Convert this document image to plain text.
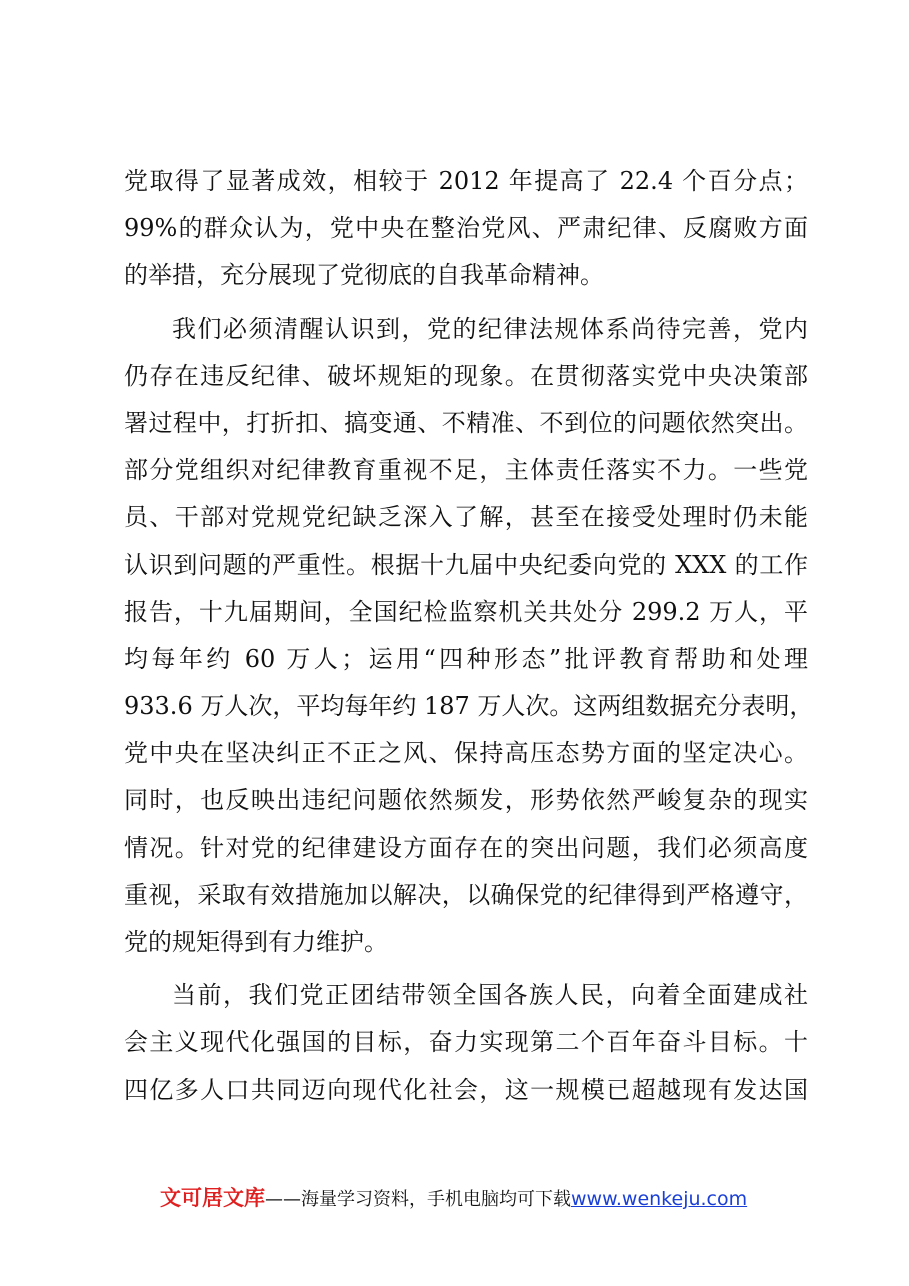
党取得了显著成效，相较于 2012 年提高了 22.4 个百分点；
99%的群众认为，党中央在整治党风、严肃纪律、反腐败方面
的举措，充分展现了党彻底的自我革命精神。
我们必须清醒认识到，党的纪律法规体系尚待完善，党内
仍存在违反纪律、破坏规矩的现象。在贯彻落实党中央决策部
署过程中，打折扣、搞变通、不精准、不到位的问题依然突出。
部分党组织对纪律教育重视不足，主体责任落实不力。一些党
员、干部对党规党纪缺乏深入了解，甚至在接受处理时仍未能
认识到问题的严重性。根据十九届中央纪委向党的 XXX 的工作
报告，十九届期间，全国纪检监察机关共处分 299.2 万人，平
均每年约 60 万人；运用“四种形态”批评教育帮助和处理
933.6 万人次，平均每年约 187 万人次。这两组数据充分表明，
党中央在坚决纠正不正之风、保持高压态势方面的坚定决心。
同时，也反映出违纪问题依然频发，形势依然严峻复杂的现实
情况。针对党的纪律建设方面存在的突出问题，我们必须高度
重视，采取有效措施加以解决，以确保党的纪律得到严格遵守，
党的规矩得到有力维护。
当前，我们党正团结带领全国各族人民，向着全面建成社
会主义现代化强国的目标，奋力实现第二个百年奋斗目标。十
四亿多人口共同迈向现代化社会，这一规模已超越现有发达国
文可居文库——海量学习资料，手机电脑均可下载www.wenkeju.com
